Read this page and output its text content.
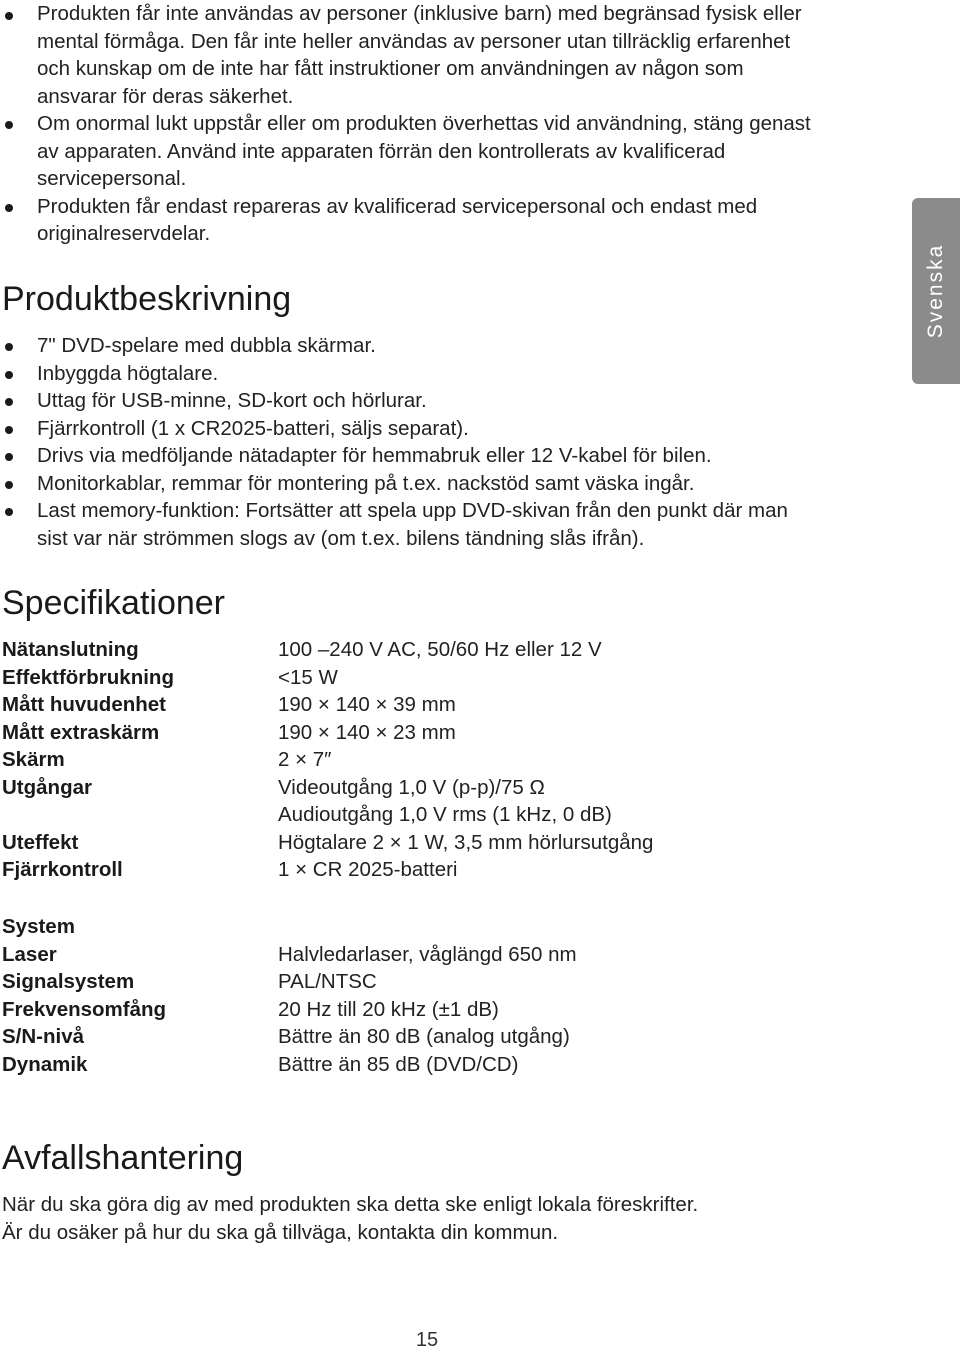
Produkten får inte användas av personer (inklusive barn) med begränsad fysisk eller mental förmåga. Den får inte heller användas av personer utan tillräcklig erfarenhet och kunskap om de inte har fått instruktioner om användningen av någon som ansvarar för deras säkerhet.
Om onormal lukt uppstår eller om produkten överhettas vid användning, stäng genast av apparaten. Använd inte apparaten förrän den kontrollerats av kvalificerad servicepersonal.
Produkten får endast repareras av kvalificerad servicepersonal och endast med originalreservdelar.
Produktbeskrivning
7" DVD-spelare med dubbla skärmar.
Inbyggda högtalare.
Uttag för USB-minne, SD-kort och hörlurar.
Fjärrkontroll (1 x CR2025-batteri, säljs separat).
Drivs via medföljande nätadapter för hemmabruk eller 12 V-kabel för bilen.
Monitorkablar, remmar för montering på t.ex. nackstöd samt väska ingår.
Last memory-funktion: Fortsätter att spela upp DVD-skivan från den punkt där man sist var när strömmen slogs av (om t.ex. bilens tändning slås ifrån).
Specifikationer
Nätanslutning	100 –240 V AC, 50/60 Hz eller 12 V
Effektförbrukning	<15 W
Mått huvudenhet	190 × 140 × 39 mm
Mått extraskärm	190 × 140 × 23 mm
Skärm	2 × 7″
Utgångar	Videoutgång 1,0 V (p-p)/75 Ω
Audioutgång 1,0 V rms (1 kHz, 0 dB)
Uteffekt	Högtalare 2 × 1 W, 3,5 mm hörlursutgång
Fjärrkontroll	1 × CR 2025-batteri
System
Laser	Halvledarlaser, våglängd 650 nm
Signalsystem	PAL/NTSC
Frekvensomfång	20 Hz till 20 kHz (±1 dB)
S/N-nivå	Bättre än 80 dB (analog utgång)
Dynamik	Bättre än 85 dB (DVD/CD)
Avfallshantering

När du ska göra dig av med produkten ska detta ske enligt lokala föreskrifter.
Är du osäker på hur du ska gå tillväga, kontakta din kommun.

Svenska
15
